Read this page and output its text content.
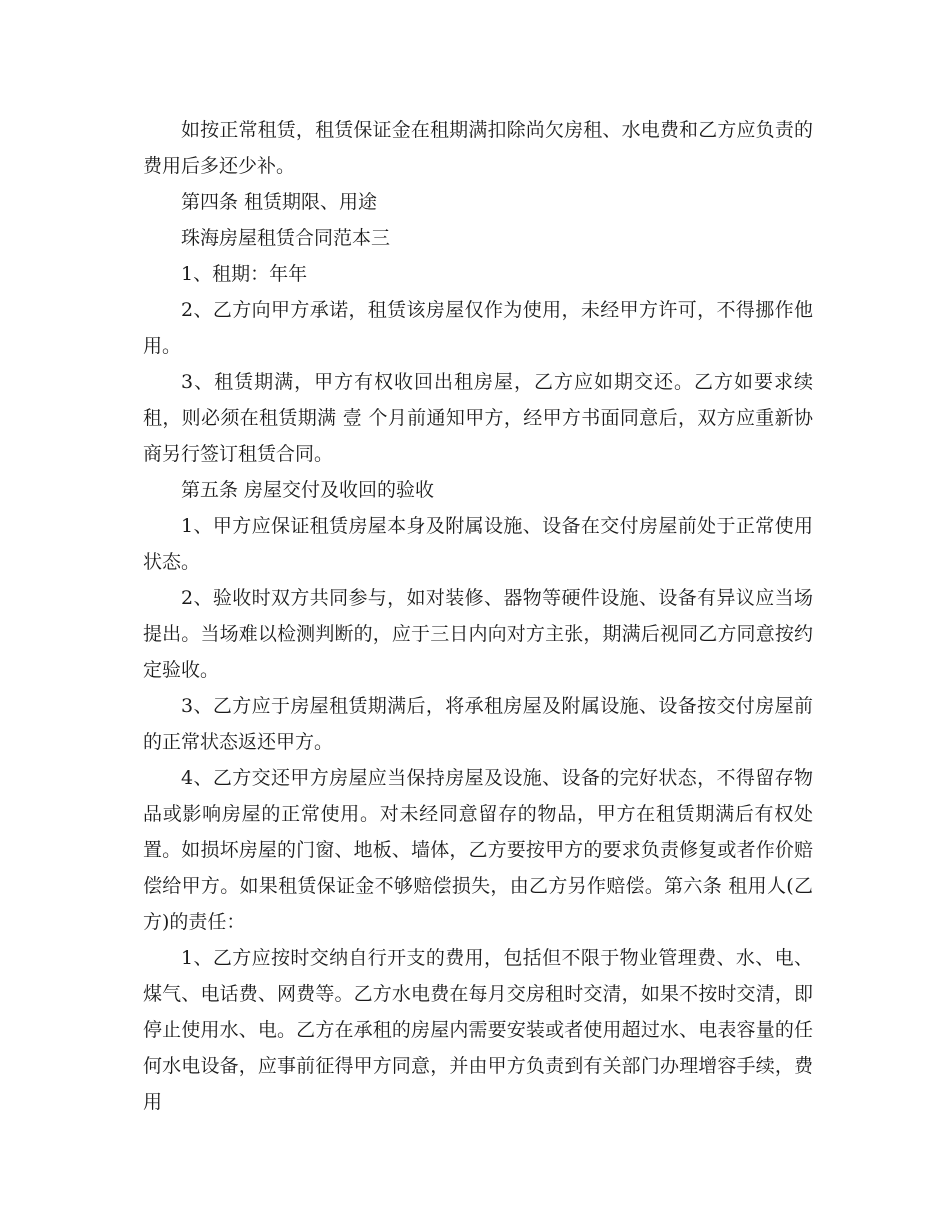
如按正常租赁，租赁保证金在租期满扣除尚欠房租、水电费和乙方应负责的费用后多还少补。

第四条 租赁期限、用途

珠海房屋租赁合同范本三

1、租期：年年

2、乙方向甲方承诺，租赁该房屋仅作为使用，未经甲方许可，不得挪作他用。

3、租赁期满，甲方有权收回出租房屋，乙方应如期交还。乙方如要求续租，则必须在租赁期满 壹 个月前通知甲方，经甲方书面同意后，双方应重新协商另行签订租赁合同。

第五条 房屋交付及收回的验收

1、甲方应保证租赁房屋本身及附属设施、设备在交付房屋前处于正常使用状态。

2、验收时双方共同参与，如对装修、器物等硬件设施、设备有异议应当场提出。当场难以检测判断的，应于三日内向对方主张，期满后视同乙方同意按约定验收。

3、乙方应于房屋租赁期满后，将承租房屋及附属设施、设备按交付房屋前的正常状态返还甲方。

4、乙方交还甲方房屋应当保持房屋及设施、设备的完好状态，不得留存物品或影响房屋的正常使用。对未经同意留存的物品，甲方在租赁期满后有权处置。如损坏房屋的门窗、地板、墙体，乙方要按甲方的要求负责修复或者作价赔偿给甲方。如果租赁保证金不够赔偿损失，由乙方另作赔偿。第六条 租用人(乙方)的责任：

1、乙方应按时交纳自行开支的费用，包括但不限于物业管理费、水、电、煤气、电话费、网费等。乙方水电费在每月交房租时交清，如果不按时交清，即停止使用水、电。乙方在承租的房屋内需要安装或者使用超过水、电表容量的任何水电设备，应事前征得甲方同意，并由甲方负责到有关部门办理增容手续，费用
